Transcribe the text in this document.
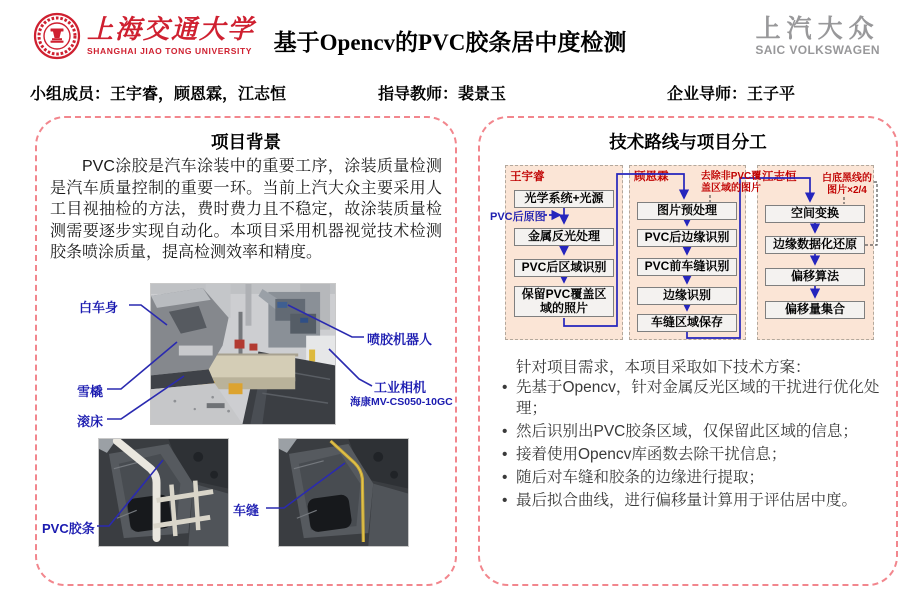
上海交通大学
SHANGHAI JIAO TONG UNIVERSITY 基于Opencv的PVC胶条居中度检测	上汽大众
SAIC VOLKSWAGEN
小组成员：王宇睿，顾恩霖，江志恒	指导教师：裴景玉	企业导师：王子平
项目背景

PVC涂胶是汽车涂装中的重要工序，涂装质量检测是汽车质量控制的重要一环。当前上汽大众主要采用人工目视抽检的方法，费时费力且不稳定，故涂装质量检测需要逐步实现自动化。本项目采用机器视觉技术检测胶条喷涂质量，提高检测效率和精度。

白车身
雪橇
滚床
喷胶机器人
工业相机
海康MV-CS050-10GC
PVC胶条
车缝
技术路线与项目分工
王宇睿	顾恩霖	江志恒
光学系统+光源
金属反光处理
PVC后区域识别
保留PVC覆盖区域的照片
图片预处理
PVC后边缘识别
PVC前车缝识别
边缘识别
车缝区域保存
空间变换
边缘数据化还原
偏移算法
偏移量集合
PVC后原图
去除非PVC覆盖区域的图片
白底黑线的图片×2/4

针对项目需求，本项目采取如下技术方案：

• 先基于Opencv，针对金属反光区域的干扰进行优化处理；
• 然后识别出PVC胶条区域，仅保留此区域的信息；
• 接着使用Opencv库函数去除干扰信息；
• 随后对车缝和胶条的边缘进行提取；
• 最后拟合曲线，进行偏移量计算用于评估居中度。
